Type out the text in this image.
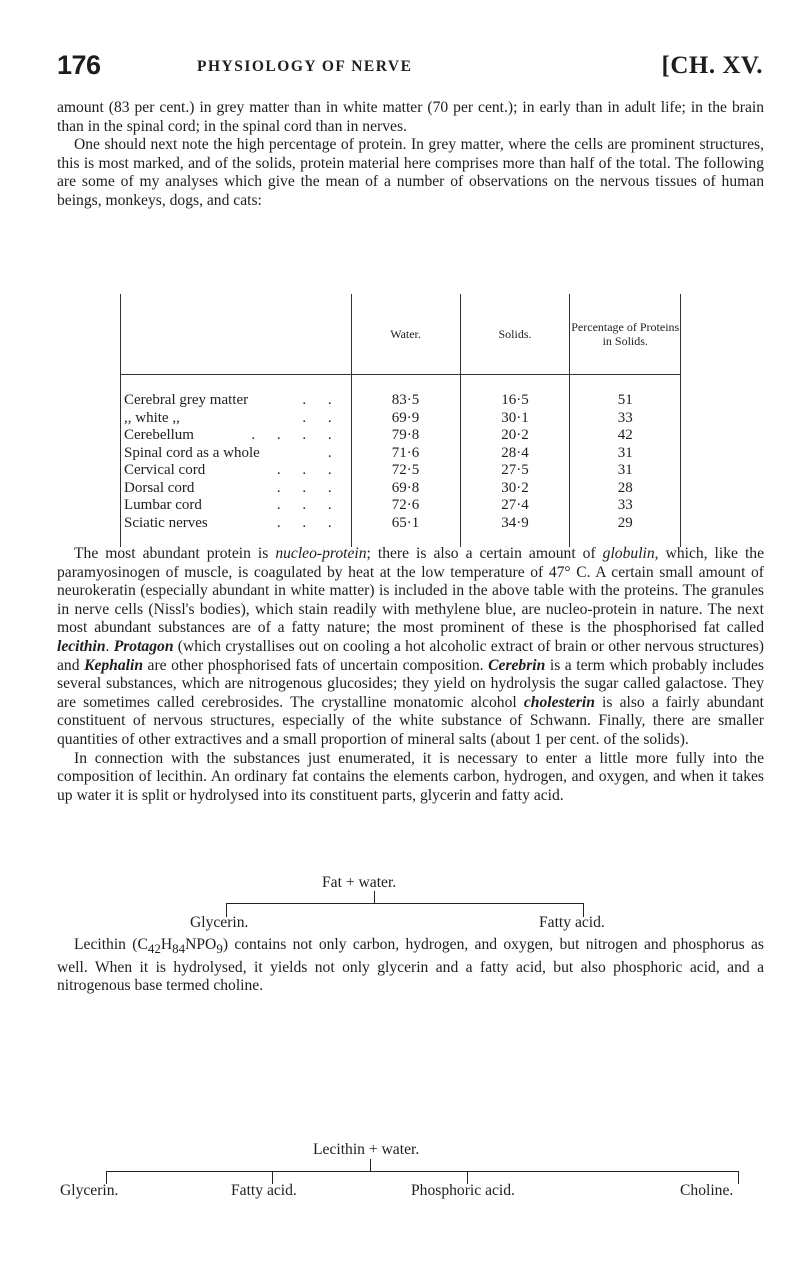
176	PHYSIOLOGY OF NERVE	[CH. XV.

amount (83 per cent.) in grey matter than in white matter (70 per cent.); in early than in adult life; in the brain than in the spinal cord; in the spinal cord than in nerves.

One should next note the high percentage of protein. In grey matter, where the cells are prominent structures, this is most marked, and of the solids, protein material here comprises more than half of the total. The following are some of my analyses which give the mean of a number of observations on the nervous tissues of human beings, monkeys, dogs, and cats:

	Water.	Solids.	Percentage of Proteins in Solids.
Cerebral grey matter . .	83·5	16·5	51
,, white ,, . .	69·9	30·1	33
Cerebellum . . . .	79·8	20·2	42
Spinal cord as a whole .	71·6	28·4	31
Cervical cord . . .	72·5	27·5	31
Dorsal cord . . .	69·8	30·2	28
Lumbar cord . . .	72·6	27·4	33
Sciatic nerves . . .	65·1	34·9	29

The most abundant protein is nucleo-protein; there is also a certain amount of globulin, which, like the paramyosinogen of muscle, is coagulated by heat at the low temperature of 47° C. A certain small amount of neurokeratin (especially abundant in white matter) is included in the above table with the proteins. The granules in nerve cells (Nissl's bodies), which stain readily with methylene blue, are nucleo-protein in nature. The next most abundant substances are of a fatty nature; the most prominent of these is the phosphorised fat called lecithin. Protagon (which crystallises out on cooling a hot alcoholic extract of brain or other nervous structures) and Kephalin are other phosphorised fats of uncertain composition. Cerebrin is a term which probably includes several substances, which are nitrogenous glucosides; they yield on hydrolysis the sugar called galactose. They are sometimes called cerebrosides. The crystalline monatomic alcohol cholesterin is also a fairly abundant constituent of nervous structures, especially of the white substance of Schwann. Finally, there are smaller quantities of other extractives and a small proportion of mineral salts (about 1 per cent. of the solids).
In connection with the substances just enumerated, it is necessary to enter a little more fully into the composition of lecithin. An ordinary fat contains the elements carbon, hydrogen, and oxygen, and when it takes up water it is split or hydrolysed into its constituent parts, glycerin and fatty acid.

Fat + water.
Glycerin.	Fatty acid.

Lecithin $(C_{42}H_{84}NPO_9)$ contains not only carbon, hydrogen, and oxygen, but nitrogen and phosphorus as well. When it is hydrolysed, it yields not only glycerin and a fatty acid, but also phosphoric acid, and a nitrogenous base termed choline.

Lecithin + water.
Glycerin.	Fatty acid.	Phosphoric acid.	Choline.
